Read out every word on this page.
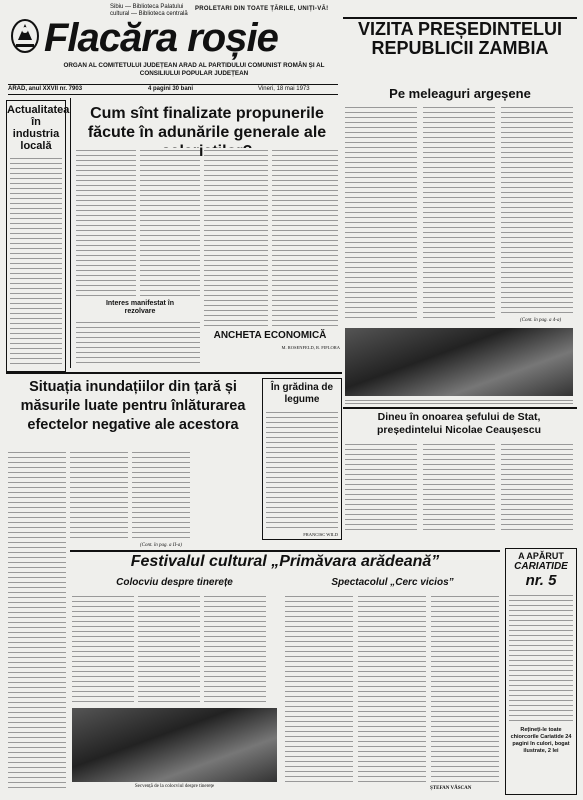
Sibiu — Biblioteca Palatului cultural — Biblioteca centrală
PROLETARI DIN TOATE ȚĂRILE, UNIȚI-VĂ!
Flacăra roșie
ORGAN AL COMITETULUI JUDEȚEAN ARAD AL PARTIDULUI COMUNIST ROMÂN ȘI AL CONSILIULUI POPULAR JUDEȚEAN
ARAD, anul XXVII nr. 7903	4 pagini 30 bani	Vineri, 18 mai 1973
VIZITA PREȘEDINTELUI REPUBLICII ZAMBIA
Pe meleaguri argeșene
(Cont. în pag. a 4-a)
Actualitatea în industria locală
Cum sînt finalizate propunerile făcute în adunările generale ale
Interes manifestat în rezolvare
ANCHETA ECONOMICĂ
M. ROSENFELD, R. FIFLORA
Dineu în onoarea șefului de Stat, președintelui Nicolae Ceaușescu
Situația inundațiilor din țară și măsurile luate pentru înlăturarea efectelor negative ale acestora
(Cont. în pag. a II-a)
În grădina de legume
FRANCISC WILD
Festivalul cultural „Primăvara arădeană”
Colocviu despre tinerețe	Spectacolul „Cerc vicios”
Secvență de la colocviul despre tinerețe	ȘTEFAN VĂSCAN
A APĂRUT
CARIATIDE
nr. 5
Rețineți-le toate chiorcorile Cariatide 24 pagini în culori, bogat ilustrate, 2 lei
